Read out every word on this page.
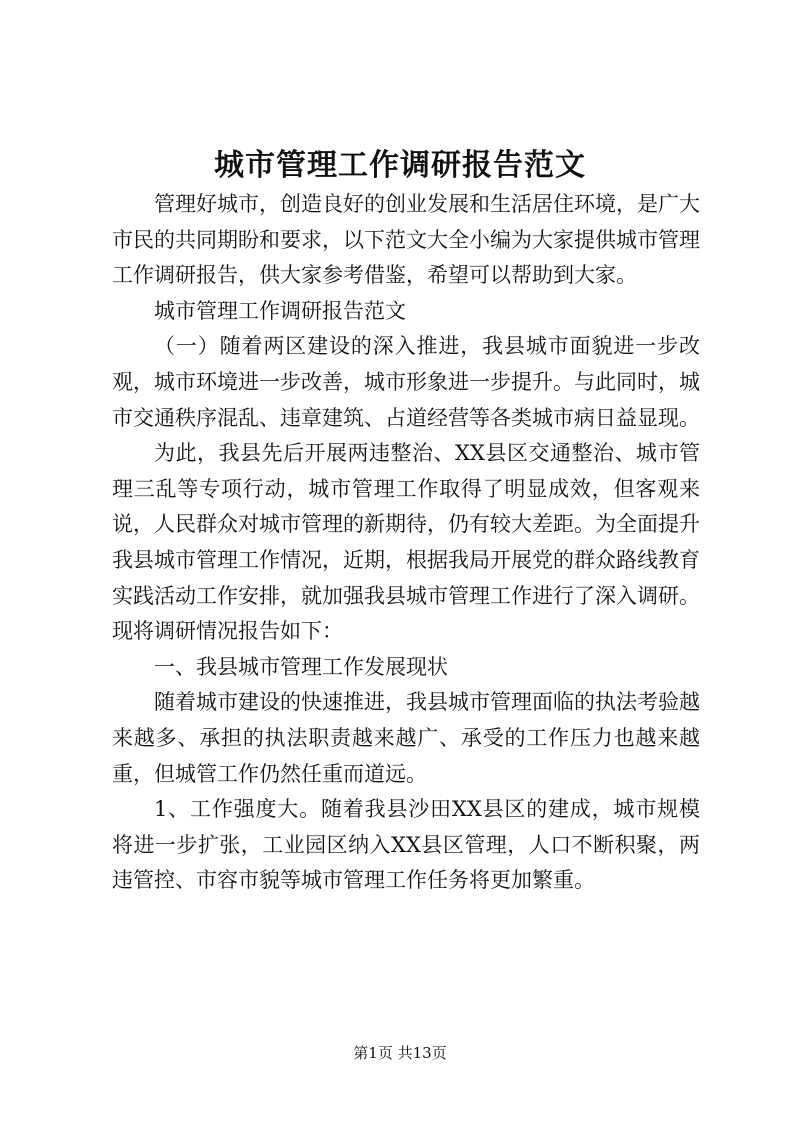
城市管理工作调研报告范文

管理好城市，创造良好的创业发展和生活居住环境，是广大市民的共同期盼和要求，以下范文大全小编为大家提供城市管理工作调研报告，供大家参考借鉴，希望可以帮助到大家。

城市管理工作调研报告范文

（一）随着两区建设的深入推进，我县城市面貌进一步改观，城市环境进一步改善，城市形象进一步提升。与此同时，城市交通秩序混乱、违章建筑、占道经营等各类城市病日益显现。

为此，我县先后开展两违整治、XX县区交通整治、城市管理三乱等专项行动，城市管理工作取得了明显成效，但客观来说，人民群众对城市管理的新期待，仍有较大差距。为全面提升我县城市管理工作情况，近期，根据我局开展党的群众路线教育实践活动工作安排，就加强我县城市管理工作进行了深入调研。现将调研情况报告如下：

一、我县城市管理工作发展现状

随着城市建设的快速推进，我县城市管理面临的执法考验越来越多、承担的执法职责越来越广、承受的工作压力也越来越重，但城管工作仍然任重而道远。

1、工作强度大。随着我县沙田XX县区的建成，城市规模将进一步扩张，工业园区纳入XX县区管理，人口不断积聚，两违管控、市容市貌等城市管理工作任务将更加繁重。

第1页 共13页
